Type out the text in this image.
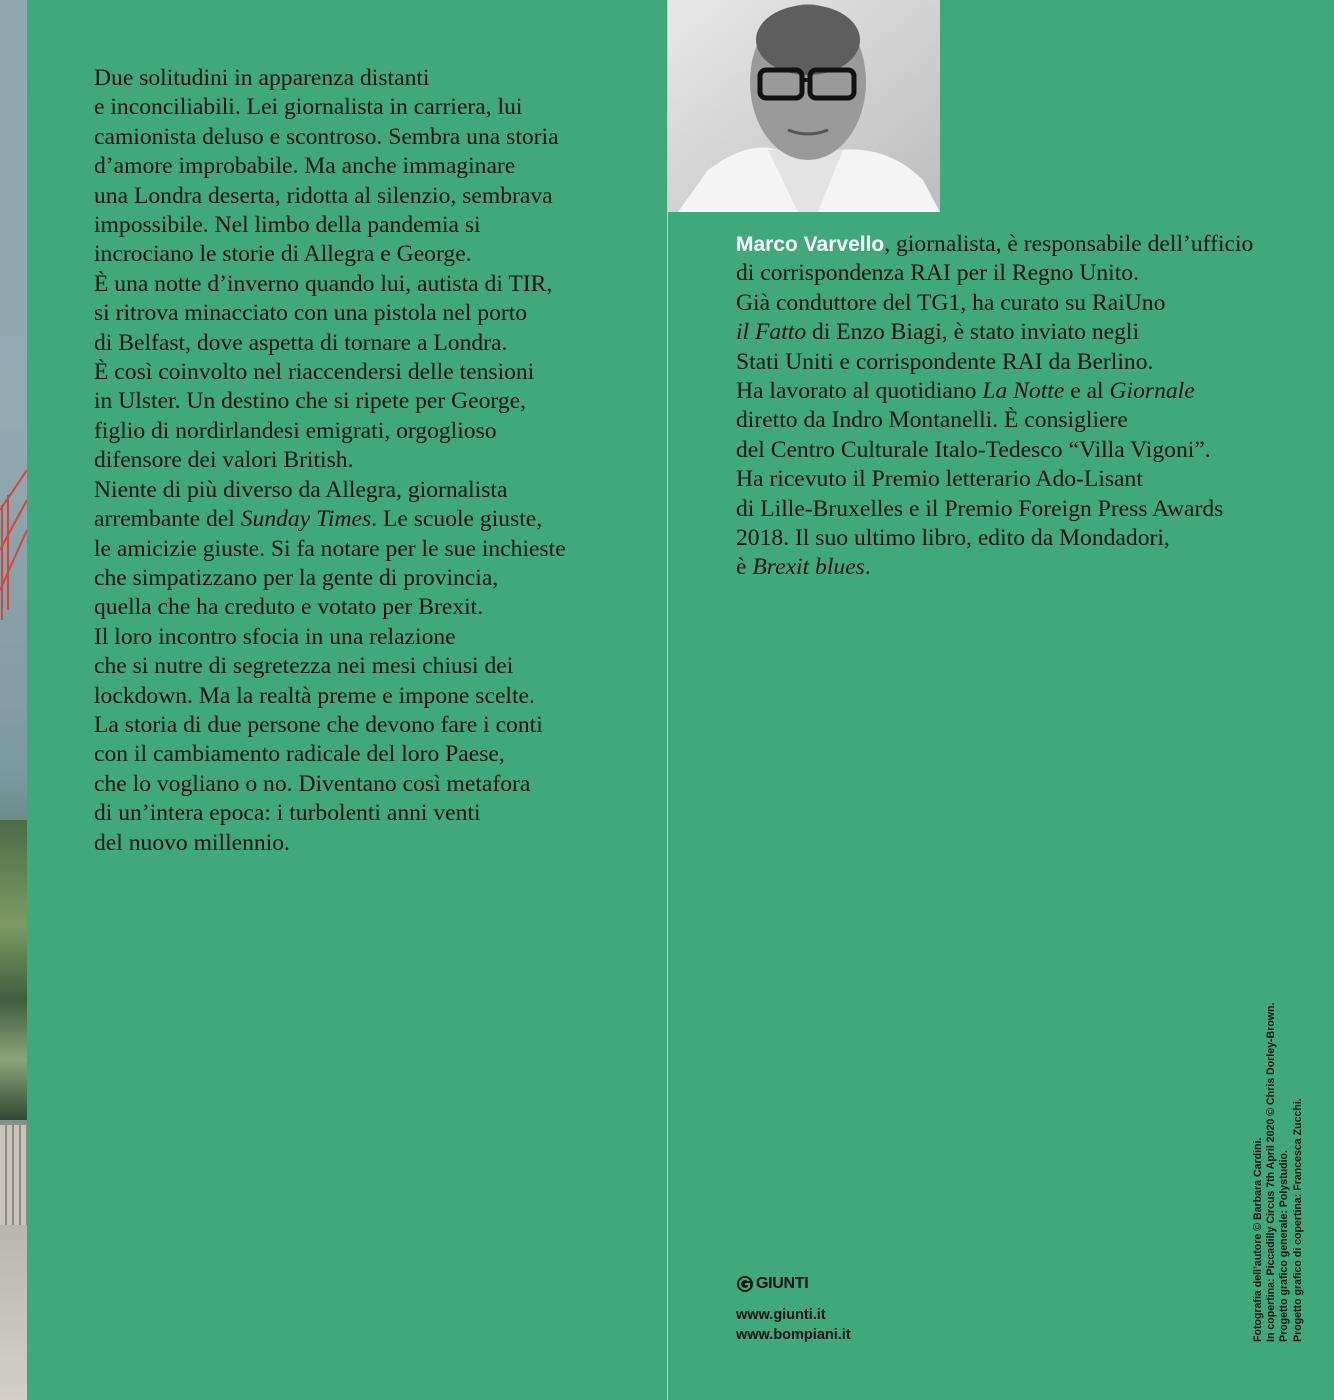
Due solitudini in apparenza distanti
e inconciliabili. Lei giornalista in carriera, lui
camionista deluso e scontroso. Sembra una storia
d’amore improbabile. Ma anche immaginare
una Londra deserta, ridotta al silenzio, sembrava
impossibile. Nel limbo della pandemia si
incrociano le storie di Allegra e George.
È una notte d’inverno quando lui, autista di TIR,
si ritrova minacciato con una pistola nel porto
di Belfast, dove aspetta di tornare a Londra.
È così coinvolto nel riaccendersi delle tensioni
in Ulster. Un destino che si ripete per George,
figlio di nordirlandesi emigrati, orgoglioso
difensore dei valori British.
Niente di più diverso da Allegra, giornalista
arrembante del Sunday Times. Le scuole giuste,
le amicizie giuste. Si fa notare per le sue inchieste
che simpatizzano per la gente di provincia,
quella che ha creduto e votato per Brexit.
Il loro incontro sfocia in una relazione
che si nutre di segretezza nei mesi chiusi dei
lockdown. Ma la realtà preme e impone scelte.
La storia di due persone che devono fare i conti
con il cambiamento radicale del loro Paese,
che lo vogliano o no. Diventano così metafora
di un’intera epoca: i turbolenti anni venti
del nuovo millennio.
Marco Varvello, giornalista, è responsabile dell’ufficio
di corrispondenza RAI per il Regno Unito.
Già conduttore del TG1, ha curato su RaiUno
il Fatto di Enzo Biagi, è stato inviato negli
Stati Uniti e corrispondente RAI da Berlino.
Ha lavorato al quotidiano La Notte e al Giornale
diretto da Indro Montanelli. È consigliere
del Centro Culturale Italo-Tedesco “Villa Vigoni”.
Ha ricevuto il Premio letterario Ado-Lisant
di Lille-Bruxelles e il Premio Foreign Press Awards
2018. Il suo ultimo libro, edito da Mondadori,
è Brexit blues.
GIUNTI
www.giunti.it
www.bompiani.it	Fotografia dell’autore © Barbara Cardini. In copertina: Piccadilly Circus 7th April 2020 © Chris Dorley-Brown. Progetto grafico generale: Polystudio. Progetto grafico di copertina: Francesca Zucchi.
